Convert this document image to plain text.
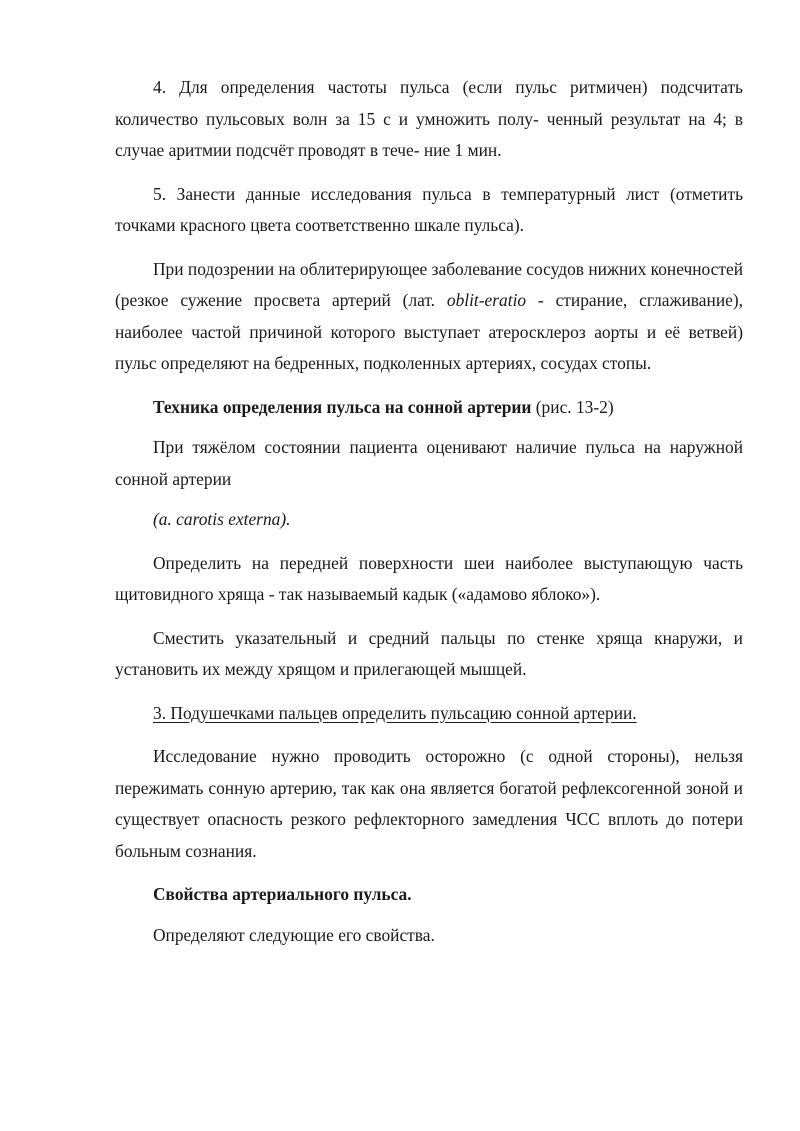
4. Для определения частоты пульса (если пульс ритмичен) подсчитать количество пульсовых волн за 15 с и умножить полу- ченный результат на 4; в случае аритмии подсчёт проводят в тече- ние 1 мин.

5. Занести данные исследования пульса в температурный лист (отметить точками красного цвета соответственно шкале пульса).

При подозрении на облитерирующее заболевание сосудов нижних конечностей (резкое сужение просвета артерий (лат. oblit-eratio - стирание, сглаживание), наиболее частой причиной которого выступает атеросклероз аорты и её ветвей) пульс определяют на бедренных, подколенных артериях, сосудах стопы.

Техника определения пульса на сонной артерии (рис. 13-2)

При тяжёлом состоянии пациента оценивают наличие пульса на наружной сонной артерии

(a. carotis externa).

Определить на передней поверхности шеи наиболее выступающую часть щитовидного хряща - так называемый кадык («адамово яблоко»).

Сместить указательный и средний пальцы по стенке хряща кнаружи, и установить их между хрящом и прилегающей мышцей.

3. Подушечками пальцев определить пульсацию сонной артерии.

Исследование нужно проводить осторожно (с одной стороны), нельзя пережимать сонную артерию, так как она является богатой рефлексогенной зоной и существует опасность резкого рефлекторного замедления ЧСС вплоть до потери больным сознания.

Свойства артериального пульса.

Определяют следующие его свойства.
